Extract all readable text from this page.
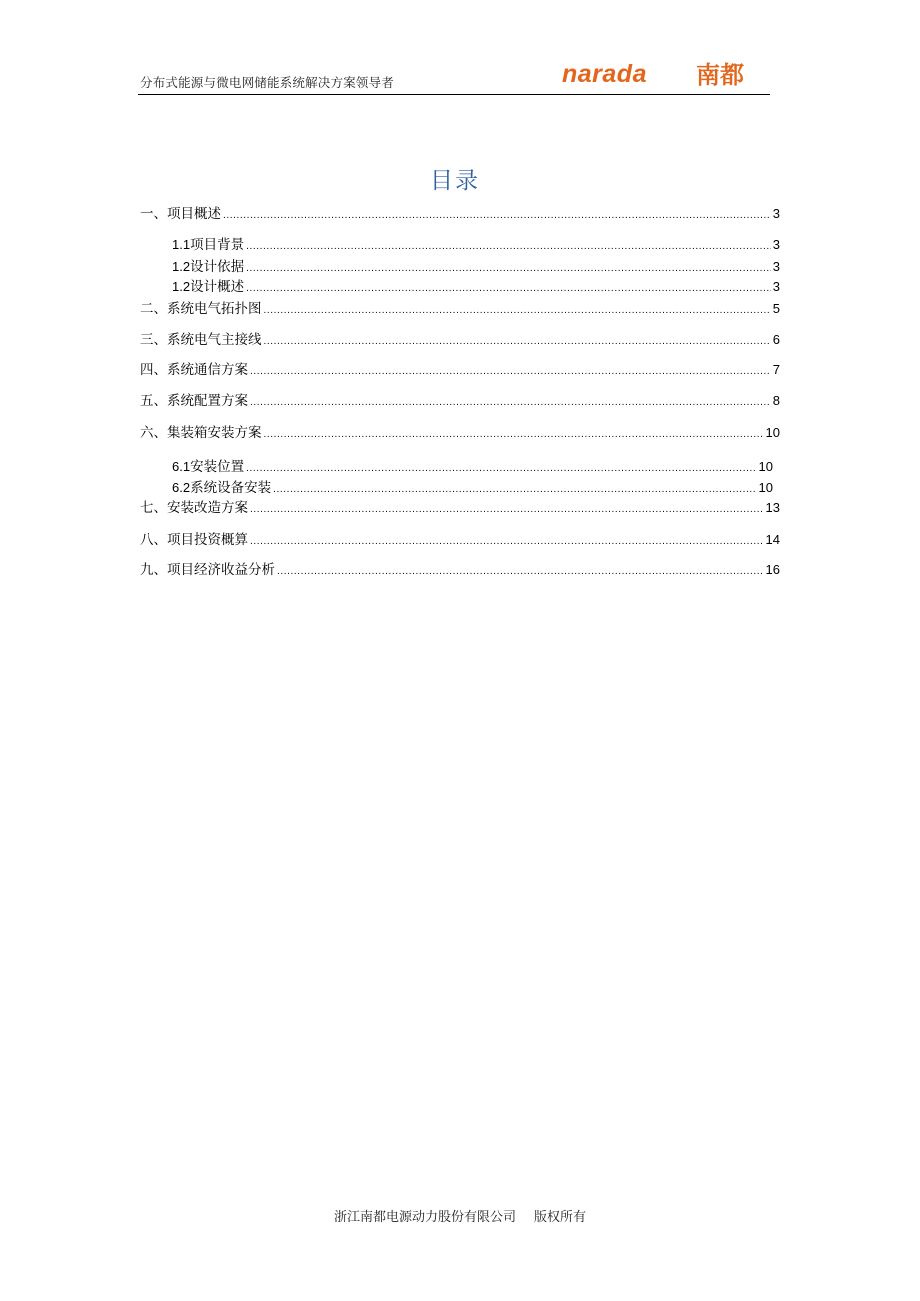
分布式能源与微电网储能系统解决方案领导者	narada 南都
目录
一、项目概述 .....	3
1.1项目背景 .....	3
1.2设计依据 .....	3
1.2设计概述 .....	3
二、系统电气拓扑图 .....	5
三、系统电气主接线 .....	6
四、系统通信方案 .....	7
五、系统配置方案 .....	8
六、集装箱安装方案 .....	10
6.1安装位置 .....	10
6.2系统设备安装 .....	10
七、安装改造方案 .....	13
八、项目投资概算 .....	14
九、项目经济收益分析 .....	16
浙江南都电源动力股份有限公司 版权所有
